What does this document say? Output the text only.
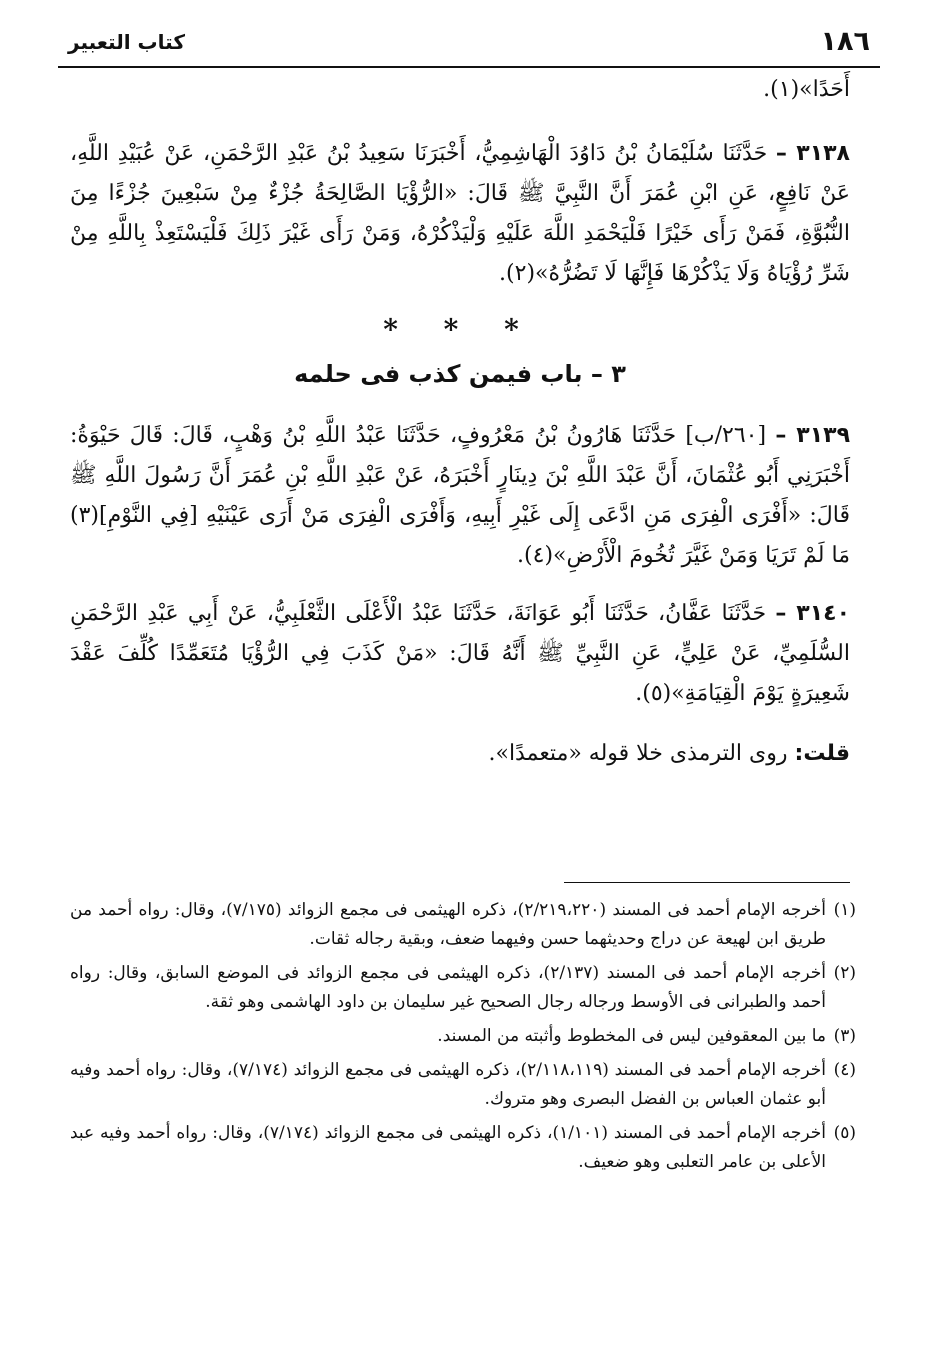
١٨٦
كتاب التعبير

أَحَدًا»(١).

٣١٣٨ – حَدَّثَنَا سُلَيْمَانُ بْنُ دَاوُدَ الْهَاشِمِيُّ، أَخْبَرَنَا سَعِيدُ بْنُ عَبْدِ الرَّحْمَنِ، عَنْ عُبَيْدِ اللَّهِ، عَنْ نَافِعٍ، عَنِ ابْنِ عُمَرَ أَنَّ النَّبِيَّ ﷺ قَالَ: «الرُّؤْيَا الصَّالِحَةُ جُزْءٌ مِنْ سَبْعِينَ جُزْءًا مِنَ النُّبُوَّةِ، فَمَنْ رَأَى خَيْرًا فَلْيَحْمَدِ اللَّهَ عَلَيْهِ وَلْيَذْكُرْهُ، وَمَنْ رَأَى غَيْرَ ذَلِكَ فَلْيَسْتَعِذْ بِاللَّهِ مِنْ شَرِّ رُؤْيَاهُ وَلَا يَذْكُرْهَا فَإِنَّهَا لَا تَضُرُّهُ»(٢).

* * *
٣ – باب فيمن كذب فى حلمه

٣١٣٩ – [٢٦٠/ب] حَدَّثَنَا هَارُونُ بْنُ مَعْرُوفٍ، حَدَّثَنَا عَبْدُ اللَّهِ بْنُ وَهْبٍ، قَالَ: قَالَ حَيْوَةُ: أَخْبَرَنِي أَبُو عُثْمَانَ، أَنَّ عَبْدَ اللَّهِ بْنَ دِينَارٍ أَخْبَرَهُ، عَنْ عَبْدِ اللَّهِ بْنِ عُمَرَ أَنَّ رَسُولَ اللَّهِ ﷺ قَالَ: «أَفْرَى الْفِرَى مَنِ ادَّعَى إِلَى غَيْرِ أَبِيهِ، وَأَفْرَى الْفِرَى مَنْ أَرَى عَيْنَيْهِ [فِي النَّوْمِ](٣) مَا لَمْ تَرَيَا وَمَنْ غَيَّرَ تُخُومَ الْأَرْضِ»(٤).

٣١٤٠ – حَدَّثَنَا عَفَّانُ، حَدَّثَنَا أَبُو عَوَانَةَ، حَدَّثَنَا عَبْدُ الْأَعْلَى الثَّعْلَبِيُّ، عَنْ أَبِي عَبْدِ الرَّحْمَنِ السُّلَمِيِّ، عَنْ عَلِيٍّ، عَنِ النَّبِيِّ ﷺ أَنَّهُ قَالَ: «مَنْ كَذَبَ فِي الرُّؤْيَا مُتَعَمِّدًا كُلِّفَ عَقْدَ شَعِيرَةٍ يَوْمَ الْقِيَامَةِ»(٥).

قلت: روى الترمذى خلا قوله «متعمدًا».

(١)
أخرجه الإمام أحمد فى المسند (٢/٢١٩،٢٢٠)، ذكره الهيثمى فى مجمع الزوائد (٧/١٧٥)، وقال: رواه أحمد من طريق ابن لهيعة عن دراج وحديثهما حسن وفيهما ضعف، وبقية رجاله ثقات.

(٢)
أخرجه الإمام أحمد فى المسند (٢/١٣٧)، ذكره الهيثمى فى مجمع الزوائد فى الموضع السابق، وقال: رواه أحمد والطبرانى فى الأوسط ورجاله رجال الصحيح غير سليمان بن داود الهاشمى وهو ثقة.

(٣)
ما بين المعقوفين ليس فى المخطوط وأثبته من المسند.

(٤)
أخرجه الإمام أحمد فى المسند (٢/١١٨،١١٩)، ذكره الهيثمى فى مجمع الزوائد (٧/١٧٤)، وقال: رواه أحمد وفيه أبو عثمان العباس بن الفضل البصرى وهو متروك.

(٥)
أخرجه الإمام أحمد فى المسند (١/١٠١)، ذكره الهيثمى فى مجمع الزوائد (٧/١٧٤)، وقال: رواه أحمد وفيه عبد الأعلى بن عامر التعلبى وهو ضعيف.
